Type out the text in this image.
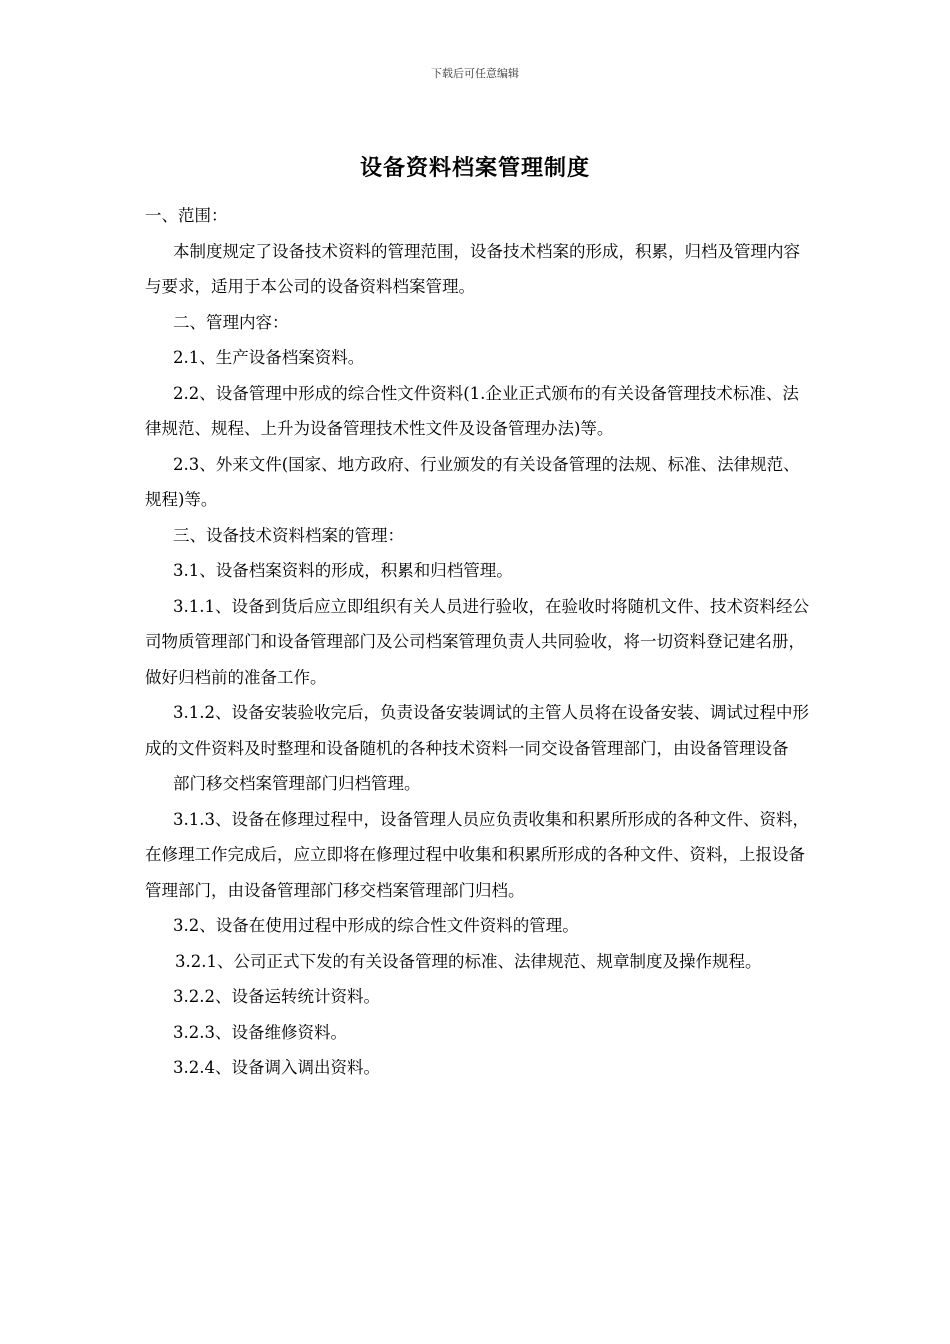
下载后可任意编辑
设备资料档案管理制度

一、范围：

本制度规定了设备技术资料的管理范围，设备技术档案的形成，积累，归档及管理内容与要求，适用于本公司的设备资料档案管理。

二、管理内容：

2.1、生产设备档案资料。

2.2、设备管理中形成的综合性文件资料(1.企业正式颁布的有关设备管理技术标准、法律规范、规程、上升为设备管理技术性文件及设备管理办法)等。

2.3、外来文件(国家、地方政府、行业颁发的有关设备管理的法规、标准、法律规范、规程)等。

三、设备技术资料档案的管理：

3.1、设备档案资料的形成，积累和归档管理。

3.1.1、设备到货后应立即组织有关人员进行验收，在验收时将随机文件、技术资料经公司物质管理部门和设备管理部门及公司档案管理负责人共同验收，将一切资料登记建名册，做好归档前的准备工作。

3.1.2、设备安装验收完后，负责设备安装调试的主管人员将在设备安装、调试过程中形成的文件资料及时整理和设备随机的各种技术资料一同交设备管理部门，由设备管理设备

部门移交档案管理部门归档管理。

3.1.3、设备在修理过程中，设备管理人员应负责收集和积累所形成的各种文件、资料，在修理工作完成后，应立即将在修理过程中收集和积累所形成的各种文件、资料，上报设备管理部门，由设备管理部门移交档案管理部门归档。

3.2、设备在使用过程中形成的综合性文件资料的管理。

3.2.1、公司正式下发的有关设备管理的标准、法律规范、规章制度及操作规程。

3.2.2、设备运转统计资料。

3.2.3、设备维修资料。

3.2.4、设备调入调出资料。
